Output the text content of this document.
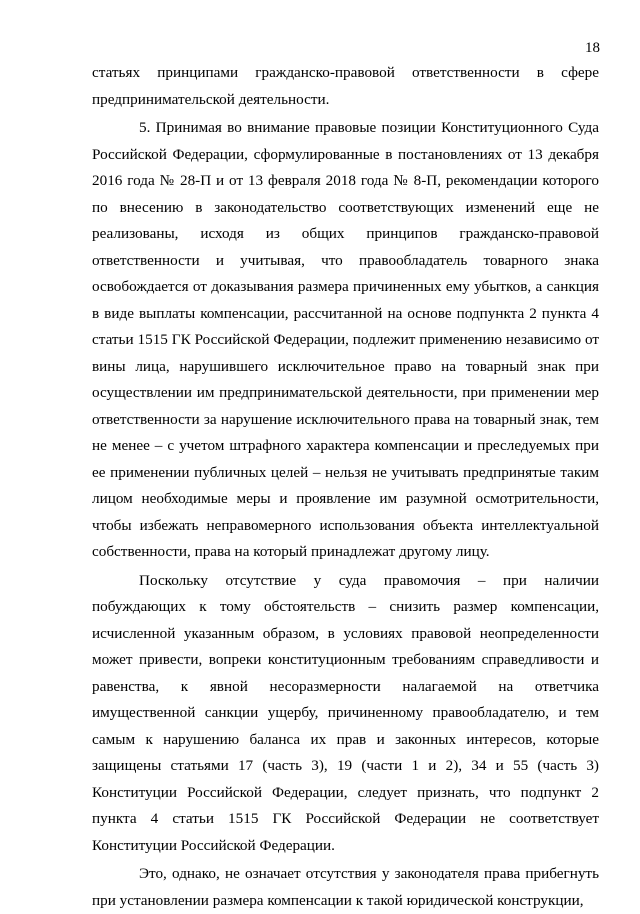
18

статьях принципами гражданско-правовой ответственности в сфере предпринимательской деятельности.

5. Принимая во внимание правовые позиции Конституционного Суда Российской Федерации, сформулированные в постановлениях от 13 декабря 2016 года № 28-П и от 13 февраля 2018 года № 8-П, рекомендации которого по внесению в законодательство соответствующих изменений еще не реализованы, исходя из общих принципов гражданско-правовой ответственности и учитывая, что правообладатель товарного знака освобождается от доказывания размера причиненных ему убытков, а санкция в виде выплаты компенсации, рассчитанной на основе подпункта 2 пункта 4 статьи 1515 ГК Российской Федерации, подлежит применению независимо от вины лица, нарушившего исключительное право на товарный знак при осуществлении им предпринимательской деятельности, при применении мер ответственности за нарушение исключительного права на товарный знак, тем не менее – с учетом штрафного характера компенсации и преследуемых при ее применении публичных целей – нельзя не учитывать предпринятые таким лицом необходимые меры и проявление им разумной осмотрительности, чтобы избежать неправомерного использования объекта интеллектуальной собственности, права на который принадлежат другому лицу.

Поскольку отсутствие у суда правомочия – при наличии побуждающих к тому обстоятельств – снизить размер компенсации, исчисленной указанным образом, в условиях правовой неопределенности может привести, вопреки конституционным требованиям справедливости и равенства, к явной несоразмерности налагаемой на ответчика имущественной санкции ущербу, причиненному правообладателю, и тем самым к нарушению баланса их прав и законных интересов, которые защищены статьями 17 (часть 3), 19 (части 1 и 2), 34 и 55 (часть 3) Конституции Российской Федерации, следует признать, что подпункт 2 пункта 4 статьи 1515 ГК Российской Федерации не соответствует Конституции Российской Федерации.

Это, однако, не означает отсутствия у законодателя права прибегнуть при установлении размера компенсации к такой юридической конструкции,
